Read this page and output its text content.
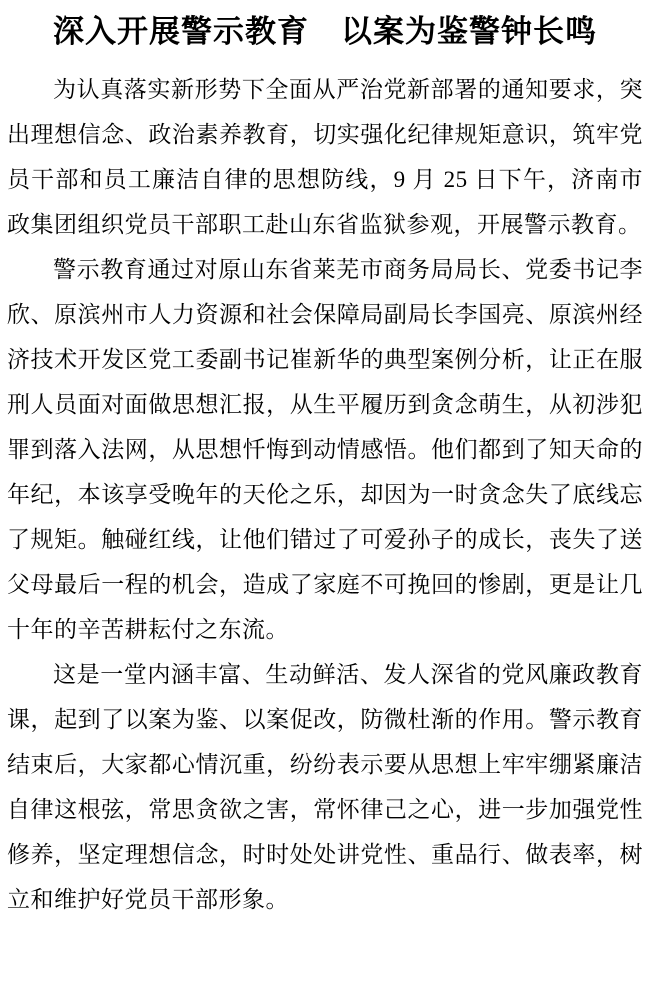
深入开展警示教育　以案为鉴警钟长鸣

为认真落实新形势下全面从严治党新部署的通知要求，突出理想信念、政治素养教育，切实强化纪律规矩意识，筑牢党员干部和员工廉洁自律的思想防线，9 月 25 日下午，济南市政集团组织党员干部职工赴山东省监狱参观，开展警示教育。

警示教育通过对原山东省莱芜市商务局局长、党委书记李欣、原滨州市人力资源和社会保障局副局长李国亮、原滨州经济技术开发区党工委副书记崔新华的典型案例分析，让正在服刑人员面对面做思想汇报，从生平履历到贪念萌生，从初涉犯罪到落入法网，从思想忏悔到动情感悟。他们都到了知天命的年纪，本该享受晚年的天伦之乐，却因为一时贪念失了底线忘了规矩。触碰红线，让他们错过了可爱孙子的成长，丧失了送父母最后一程的机会，造成了家庭不可挽回的惨剧，更是让几十年的辛苦耕耘付之东流。

这是一堂内涵丰富、生动鲜活、发人深省的党风廉政教育课，起到了以案为鉴、以案促改，防微杜渐的作用。警示教育结束后，大家都心情沉重，纷纷表示要从思想上牢牢绷紧廉洁自律这根弦，常思贪欲之害，常怀律己之心，进一步加强党性修养，坚定理想信念，时时处处讲党性、重品行、做表率，树立和维护好党员干部形象。
